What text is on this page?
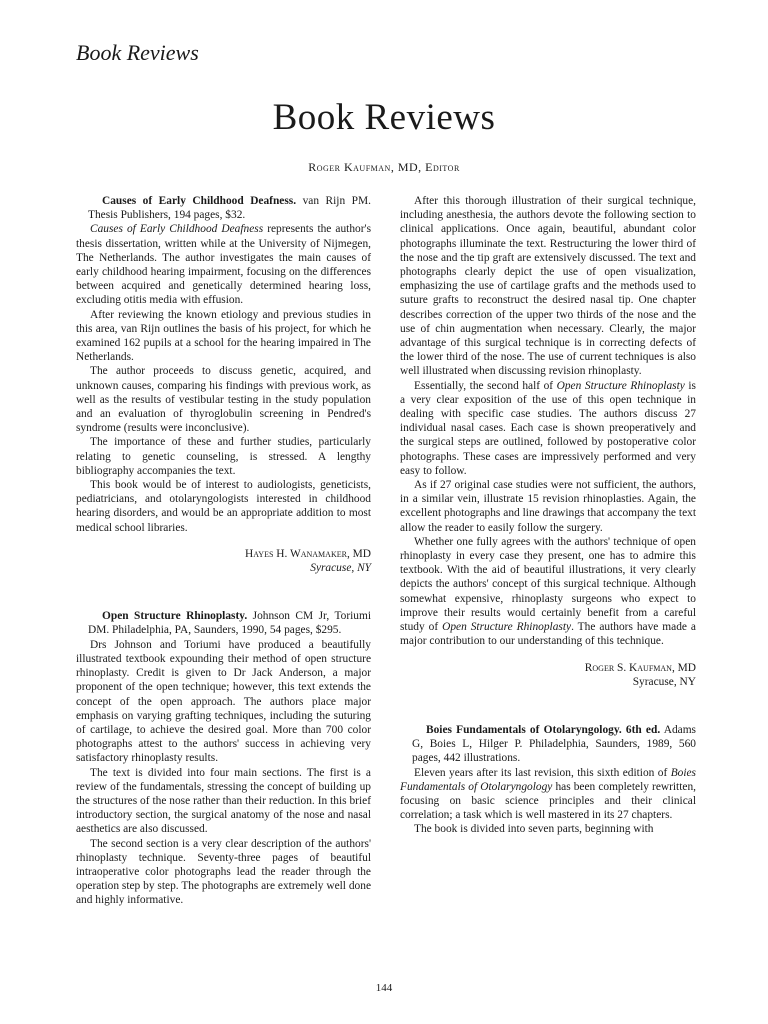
Book Reviews
Book Reviews
Roger Kaufman, MD, Editor

Causes of Early Childhood Deafness. van Rijn PM. Thesis Publishers, 194 pages, $32.

Causes of Early Childhood Deafness represents the author's thesis dissertation, written while at the University of Nijmegen, The Netherlands. The author investigates the main causes of early childhood hearing impairment, focusing on the differences between acquired and genetically determined hearing loss, excluding otitis media with effusion.

After reviewing the known etiology and previous studies in this area, van Rijn outlines the basis of his project, for which he examined 162 pupils at a school for the hearing impaired in The Netherlands.

The author proceeds to discuss genetic, acquired, and unknown causes, comparing his findings with previous work, as well as the results of vestibular testing in the study population and an evaluation of thyroglobulin screening in Pendred's syndrome (results were inconclusive).

The importance of these and further studies, particularly relating to genetic counseling, is stressed. A lengthy bibliography accompanies the text.

This book would be of interest to audiologists, geneticists, pediatricians, and otolaryngologists interested in childhood hearing disorders, and would be an appropriate addition to most medical school libraries.

Hayes H. Wanamaker, MD
Syracuse, NY

Open Structure Rhinoplasty. Johnson CM Jr, Toriumi DM. Philadelphia, PA, Saunders, 1990, 54 pages, $295.

Drs Johnson and Toriumi have produced a beautifully illustrated textbook expounding their method of open structure rhinoplasty. Credit is given to Dr Jack Anderson, a major proponent of the open technique; however, this text extends the concept of the open approach. The authors place major emphasis on varying grafting techniques, including the suturing of cartilage, to achieve the desired goal. More than 700 color photographs attest to the authors' success in achieving very satisfactory rhinoplasty results.

The text is divided into four main sections. The first is a review of the fundamentals, stressing the concept of building up the structures of the nose rather than their reduction. In this brief introductory section, the surgical anatomy of the nose and nasal aesthetics are also discussed.

The second section is a very clear description of the authors' rhinoplasty technique. Seventy-three pages of beautiful intraoperative color photographs lead the reader through the operation step by step. The photographs are extremely well done and highly informative.

After this thorough illustration of their surgical technique, including anesthesia, the authors devote the following section to clinical applications. Once again, beautiful, abundant color photographs illuminate the text. Restructuring the lower third of the nose and the tip graft are extensively discussed. The text and photographs clearly depict the use of open visualization, emphasizing the use of cartilage grafts and the methods used to suture grafts to reconstruct the desired nasal tip. One chapter describes correction of the upper two thirds of the nose and the use of chin augmentation when necessary. Clearly, the major advantage of this surgical technique is in correcting defects of the lower third of the nose. The use of current techniques is also well illustrated when discussing revision rhinoplasty.

Essentially, the second half of Open Structure Rhinoplasty is a very clear exposition of the use of this open technique in dealing with specific case studies. The authors discuss 27 individual nasal cases. Each case is shown preoperatively and the surgical steps are outlined, followed by postoperative color photographs. These cases are impressively performed and very easy to follow.

As if 27 original case studies were not sufficient, the authors, in a similar vein, illustrate 15 revision rhinoplasties. Again, the excellent photographs and line drawings that accompany the text allow the reader to easily follow the surgery.

Whether one fully agrees with the authors' technique of open rhinoplasty in every case they present, one has to admire this textbook. With the aid of beautiful illustrations, it very clearly depicts the authors' concept of this surgical technique. Although somewhat expensive, rhinoplasty surgeons who expect to improve their results would certainly benefit from a careful study of Open Structure Rhinoplasty. The authors have made a major contribution to our understanding of this technique.

Roger S. Kaufman, MD
Syracuse, NY

Boies Fundamentals of Otolaryngology. 6th ed. Adams G, Boies L, Hilger P. Philadelphia, Saunders, 1989, 560 pages, 442 illustrations.

Eleven years after its last revision, this sixth edition of Boies Fundamentals of Otolaryngology has been completely rewritten, focusing on basic science principles and their clinical correlation; a task which is well mastered in its 27 chapters.

The book is divided into seven parts, beginning with

144
